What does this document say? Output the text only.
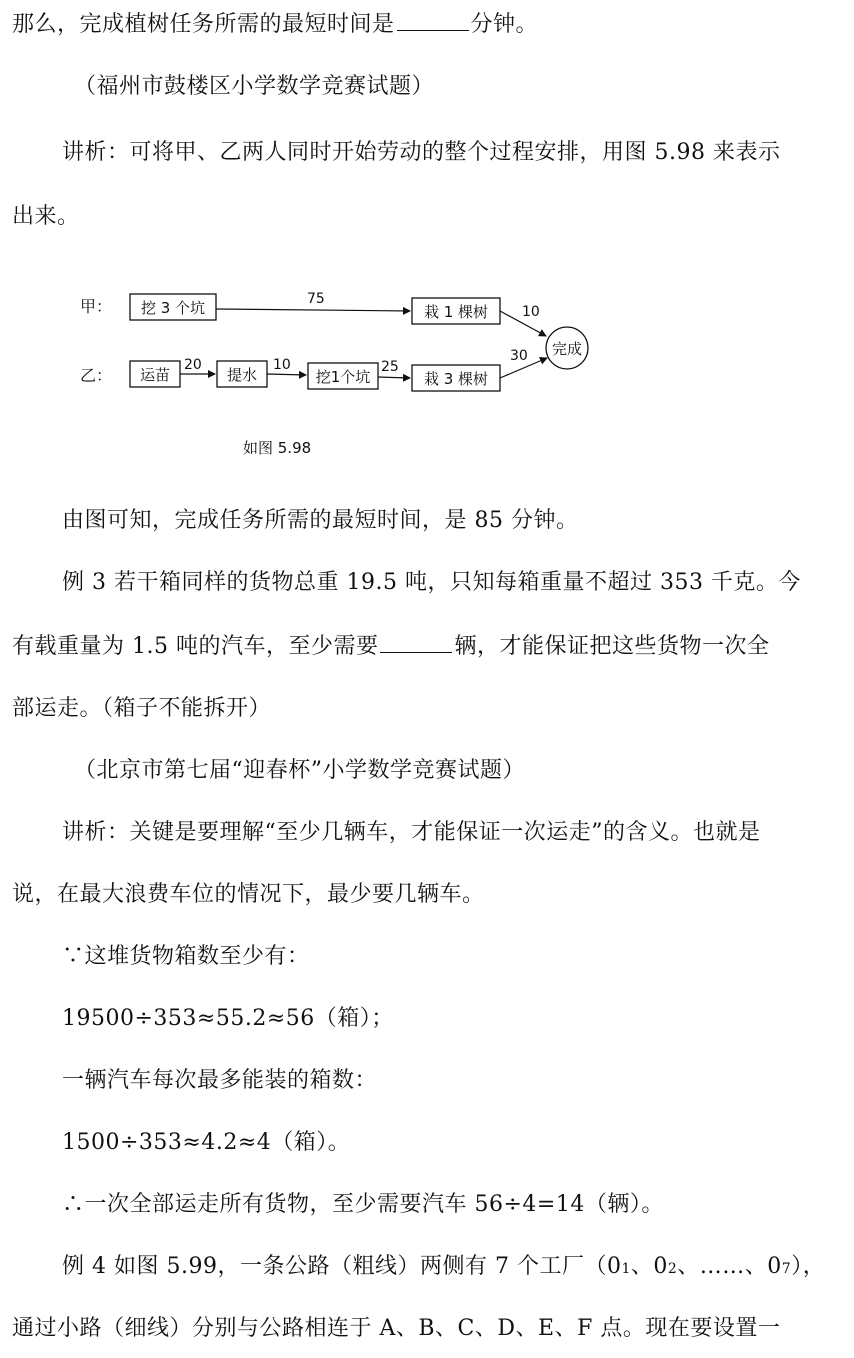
那么，完成植树任务所需的最短时间是	分钟。
（福州市鼓楼区小学数学竞赛试题）
讲析：可将甲、乙两人同时开始劳动的整个过程安排，用图 5.98 来表示
出来。
甲：
乙：
挖 3 个坑	栽 1 棵树
运苗	提水	挖1个坑	栽 3 棵树
完成
75
10
20	10	25
30
如图 5.98
由图可知，完成任务所需的最短时间，是 85 分钟。
例 3 若干箱同样的货物总重 19.5 吨，只知每箱重量不超过 353 千克。今
有载重量为 1.5 吨的汽车，至少需要	辆，才能保证把这些货物一次全
部运走。（箱子不能拆开）
（北京市第七届“迎春杯”小学数学竞赛试题）
讲析：关键是要理解“至少几辆车，才能保证一次运走”的含义。也就是
说，在最大浪费车位的情况下，最少要几辆车。
∵这堆货物箱数至少有：
19500÷353≈55.2≈56（箱）；
一辆汽车每次最多能装的箱数：
1500÷353≈4.2≈4（箱）。
∴一次全部运走所有货物，至少需要汽车 56÷4=14（辆）。
例 4 如图 5.99，一条公路（粗线）两侧有 7 个工厂（01、02、……、07），
通过小路（细线）分别与公路相连于 A、B、C、D、E、F 点。现在要设置一
